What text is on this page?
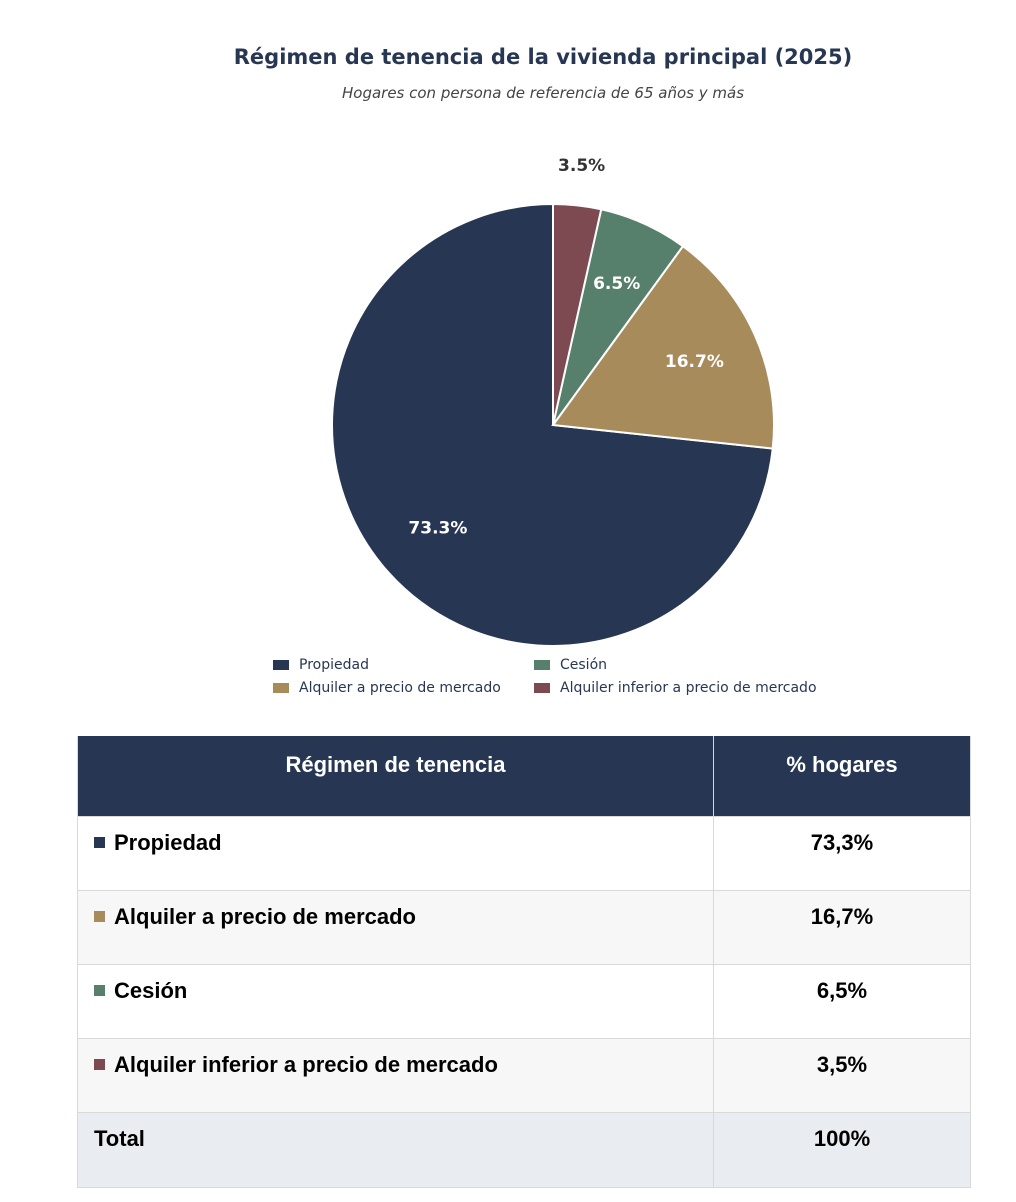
Régimen de tenencia de la vivienda principal (2025)
Hogares con persona de referencia de 65 años y más
73.3%
16.7%
6.5%
3.5%
Propiedad	Cesión
Alquiler a precio de mercado	Alquiler inferior a precio de mercado
Régimen de tenencia	% hogares
Propiedad	73,3%
Alquiler a precio de mercado	16,7%
Cesión	6,5%
Alquiler inferior a precio de mercado	3,5%
Total	100%
